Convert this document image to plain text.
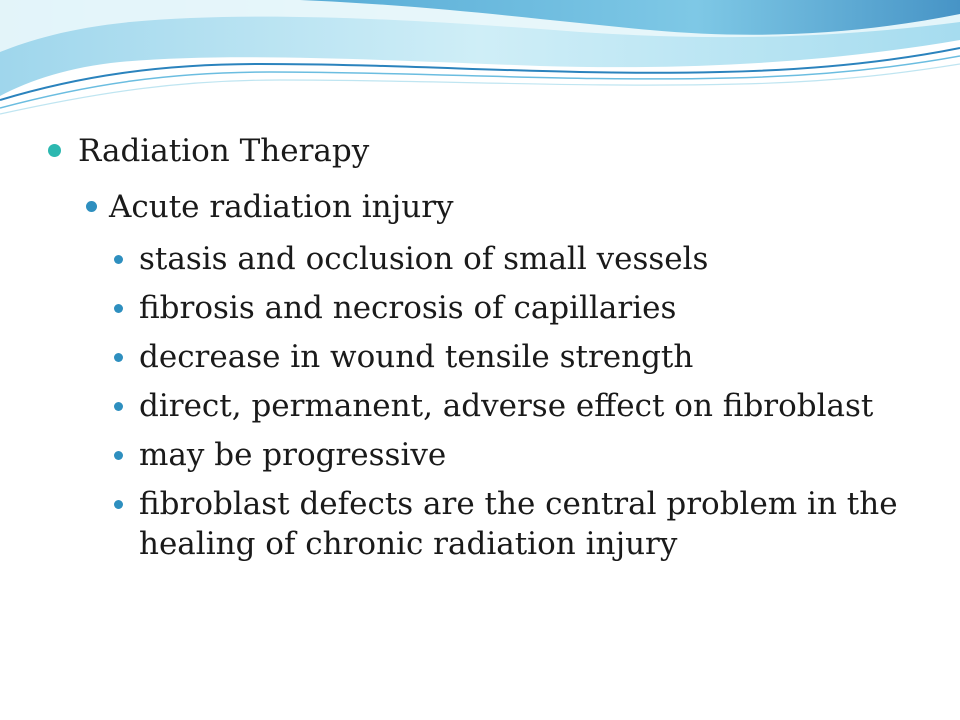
Radiation Therapy
Acute radiation injury
stasis and occlusion of small vessels
fibrosis and necrosis of capillaries
decrease in wound tensile strength
direct, permanent, adverse effect on fibroblast
may be progressive
fibroblast defects are the central problem in the healing of chronic radiation injury
